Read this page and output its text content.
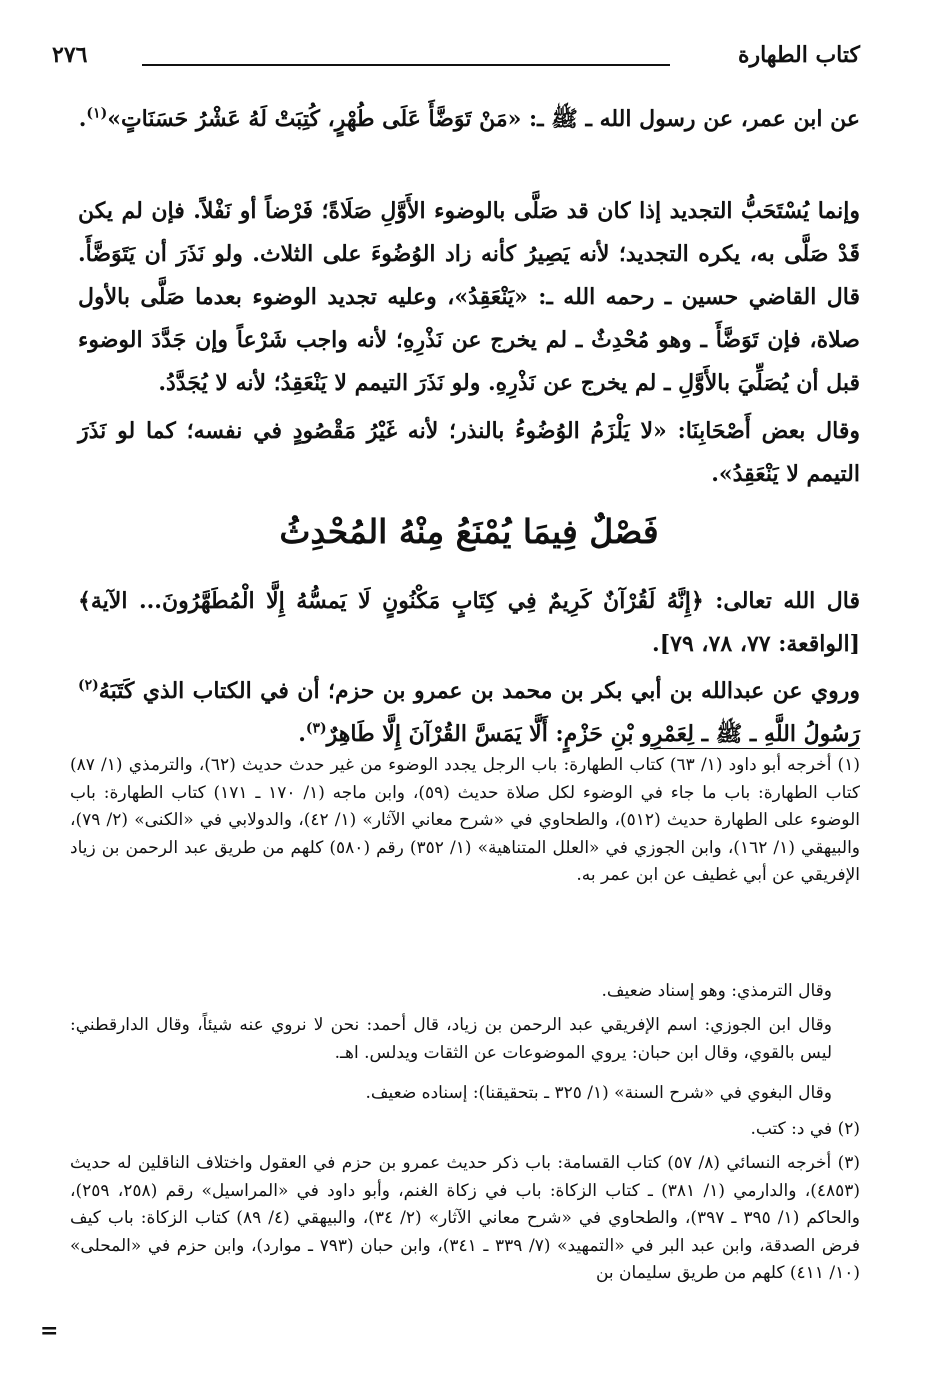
كتاب الطهارة
٢٧٦

عن ابن عمر، عن رسول الله ـ ﷺ ـ: «مَنْ تَوَضَّأَ عَلَى طُهْرٍ، كُتِبَتْ لَهُ عَشْرُ حَسَنَاتٍ»$^{(١)}$.

وإنما يُسْتَحَبُّ التجديد إذا كان قد صَلَّى بالوضوء الأَوَّلِ صَلَاةً؛ فَرْضاً أو نَفْلاً. فإن لم يكن قَدْ صَلَّى به، يكره التجديد؛ لأنه يَصِيرُ كأنه زاد الوُضُوءَ على الثلاث. ولو نَذَرَ أن يَتَوَضَّأَ. قال القاضي حسين ـ رحمه الله ـ: «يَنْعَقِدُ»، وعليه تجديد الوضوء بعدما صَلَّى بالأول صلاة، فإن تَوَضَّأَ ـ وهو مُحْدِثٌ ـ لم يخرج عن نَذْرِهِ؛ لأنه واجب شَرْعاً وإن جَدَّدَ الوضوء قبل أن يُصَلِّيَ بالأَوَّلِ ـ لم يخرج عن نَذْرِهِ. ولو نَذَرَ التيمم لا يَنْعَقِدُ؛ لأنه لا يُجَدَّدُ.

وقال بعض أَصْحَابِنَا: «لا يَلْزَمُ الوُضُوءُ بالنذر؛ لأنه غَيْرُ مَقْصُودٍ في نفسه؛ كما لو نَذَرَ التيمم لا يَنْعَقِدُ».

فَصْلٌ فِيمَا يُمْنَعُ مِنْهُ المُحْدِثُ

قال الله تعالى: ﴿إِنَّهُ لَقُرْآنٌ كَرِيمٌ فِي كِتَابٍ مَكْنُونٍ لَا يَمسُّهُ إِلَّا الْمُطَهَّرُونَ... الآية﴾ [الواقعة: ٧٧، ٧٨، ٧٩].

وروي عن عبدالله بن أبي بكر بن محمد بن عمرو بن حزم؛ أن في الكتاب الذي كَتَبَهُ$^{(٢)}$ رَسُولُ اللَّهِ ـ ﷺ ـ لِعَمْرِو بْنِ حَزْمٍ: أَلَّا يَمَسَّ القُرْآنَ إِلَّا طَاهِرٌ$^{(٣)}$.

(١) أخرجه أبو داود (١/ ٦٣) كتاب الطهارة: باب الرجل يجدد الوضوء من غير حدث حديث (٦٢)، والترمذي (١/ ٨٧) كتاب الطهارة: باب ما جاء في الوضوء لكل صلاة حديث (٥٩)، وابن ماجه (١/ ١٧٠ ـ ١٧١) كتاب الطهارة: باب الوضوء على الطهارة حديث (٥١٢)، والطحاوي في «شرح معاني الآثار» (١/ ٤٢)، والدولابي في «الكنى» (٢/ ٧٩)، والبيهقي (١/ ١٦٢)، وابن الجوزي في «العلل المتناهية» (١/ ٣٥٢) رقم (٥٨٠) كلهم من طريق عبد الرحمن بن زياد الإفريقي عن أبي غطيف عن ابن عمر به.

وقال الترمذي: وهو إسناد ضعيف.

وقال ابن الجوزي: اسم الإفريقي عبد الرحمن بن زياد، قال أحمد: نحن لا نروي عنه شيئاً، وقال الدارقطني: ليس بالقوي، وقال ابن حبان: يروي الموضوعات عن الثقات ويدلس. اهـ.

وقال البغوي في «شرح السنة» (١/ ٣٢٥ ـ بتحقيقنا): إسناده ضعيف.

(٢) في د: كتب.

(٣) أخرجه النسائي (٨/ ٥٧) كتاب القسامة: باب ذكر حديث عمرو بن حزم في العقول واختلاف الناقلين له حديث (٤٨٥٣)، والدارمي (١/ ٣٨١) ـ كتاب الزكاة: باب في زكاة الغنم، وأبو داود في «المراسيل» رقم (٢٥٨، ٢٥٩)، والحاكم (١/ ٣٩٥ ـ ٣٩٧)، والطحاوي في «شرح معاني الآثار» (٢/ ٣٤)، والبيهقي (٤/ ٨٩) كتاب الزكاة: باب كيف فرض الصدقة، وابن عبد البر في «التمهيد» (٧/ ٣٣٩ ـ ٣٤١)، وابن حبان (٧٩٣ ـ موارد)، وابن حزم في «المحلى» (١٠/ ٤١١) كلهم من طريق سليمان بن

=
